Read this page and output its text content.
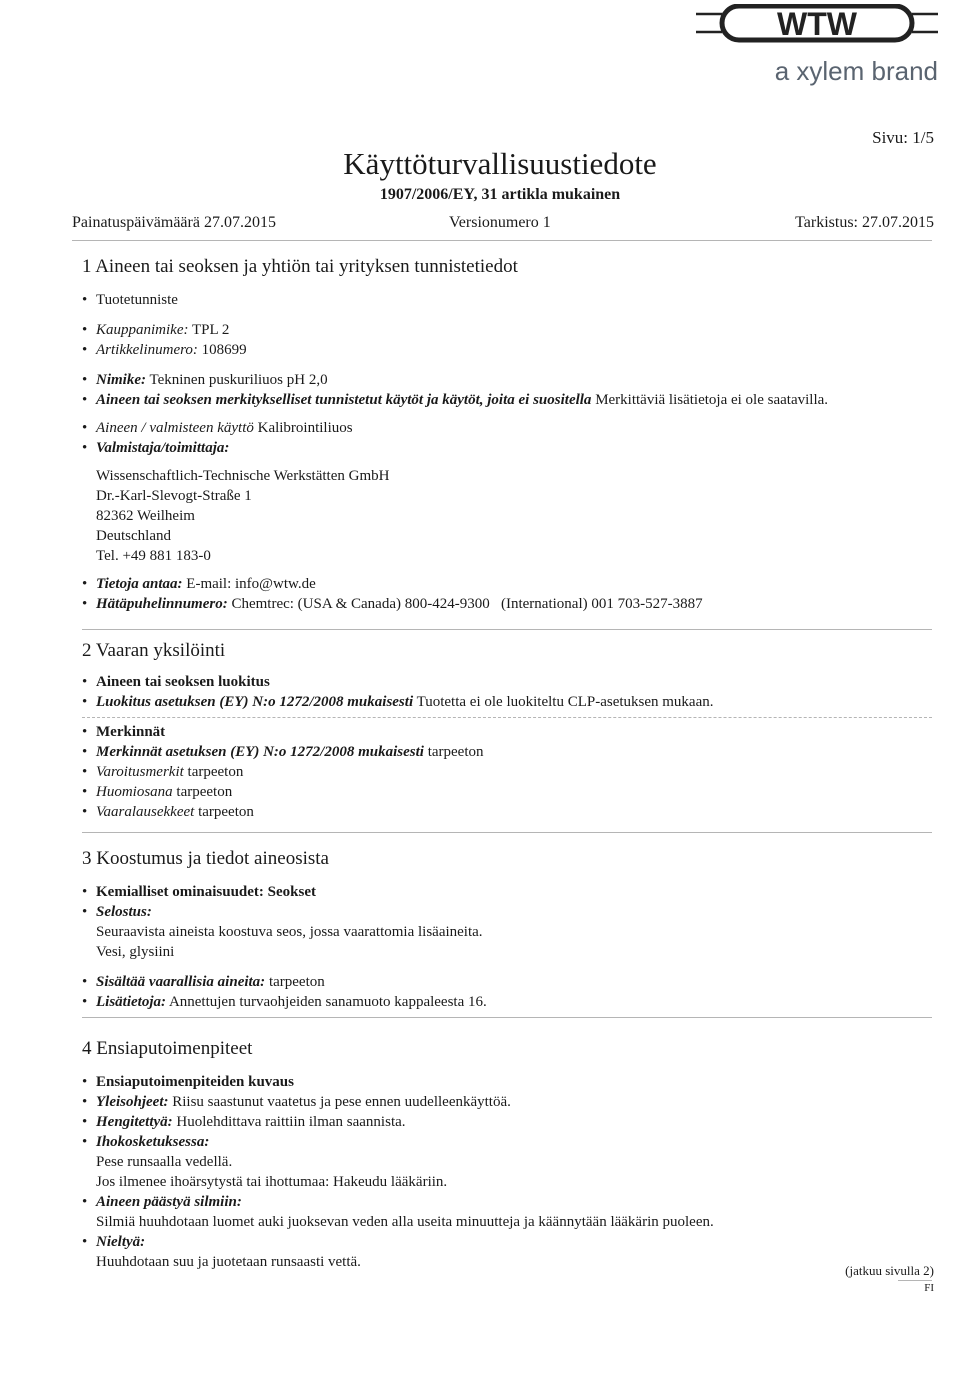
WTW
a xylem brand
Sivu: 1/5
Käyttöturvallisuustiedote
1907/2006/EY, 31 artikla mukainen
Painatuspäivämäärä 27.07.2015	Versionumero 1	Tarkistus: 27.07.2015

1 Aineen tai seoksen ja yhtiön tai yrityksen tunnistetiedot

• Tuotetunniste

• Kauppanimike: TPL 2

• Artikkelinumero: 108699

• Nimike: Tekninen puskuriliuos pH 2,0

• Aineen tai seoksen merkitykselliset tunnistetut käytöt ja käytöt, joita ei suositella Merkittäviä lisätietoja ei ole saatavilla.

• Aineen / valmisteen käyttö Kalibrointiliuos

• Valmistaja/toimittaja:

Wissenschaftlich-Technische Werkstätten GmbH

Dr.-Karl-Slevogt-Straße 1

82362 Weilheim

Deutschland

Tel. +49 881 183-0

• Tietoja antaa: E-mail: info@wtw.de

• Hätäpuhelinnumero: Chemtrec: (USA & Canada) 800-424-9300   (International) 001 703-527-3887

2 Vaaran yksilöinti

• Aineen tai seoksen luokitus

• Luokitus asetuksen (EY) N:o 1272/2008 mukaisesti Tuotetta ei ole luokiteltu CLP-asetuksen mukaan.

• Merkinnät

• Merkinnät asetuksen (EY) N:o 1272/2008 mukaisesti tarpeeton

• Varoitusmerkit tarpeeton

• Huomiosana tarpeeton

• Vaaralausekkeet tarpeeton

3 Koostumus ja tiedot aineosista

• Kemialliset ominaisuudet: Seokset

• Selostus:

Seuraavista aineista koostuva seos, jossa vaarattomia lisäaineita.

Vesi, glysiini

• Sisältää vaarallisia aineita: tarpeeton

• Lisätietoja: Annettujen turvaohjeiden sanamuoto kappaleesta 16.

4 Ensiaputoimenpiteet

• Ensiaputoimenpiteiden kuvaus

• Yleisohjeet: Riisu saastunut vaatetus ja pese ennen uudelleenkäyttöä.

• Hengitettyä: Huolehdittava raittiin ilman saannista.

• Ihokosketuksessa:

Pese runsaalla vedellä.

Jos ilmenee ihoärsytystä tai ihottumaa: Hakeudu lääkäriin.

• Aineen päästyä silmiin:

Silmiä huuhdotaan luomet auki juoksevan veden alla useita minuutteja ja käännytään lääkärin puoleen.

• Nieltyä:

Huuhdotaan suu ja juotetaan runsaasti vettä.

(jatkuu sivulla 2)
FI
